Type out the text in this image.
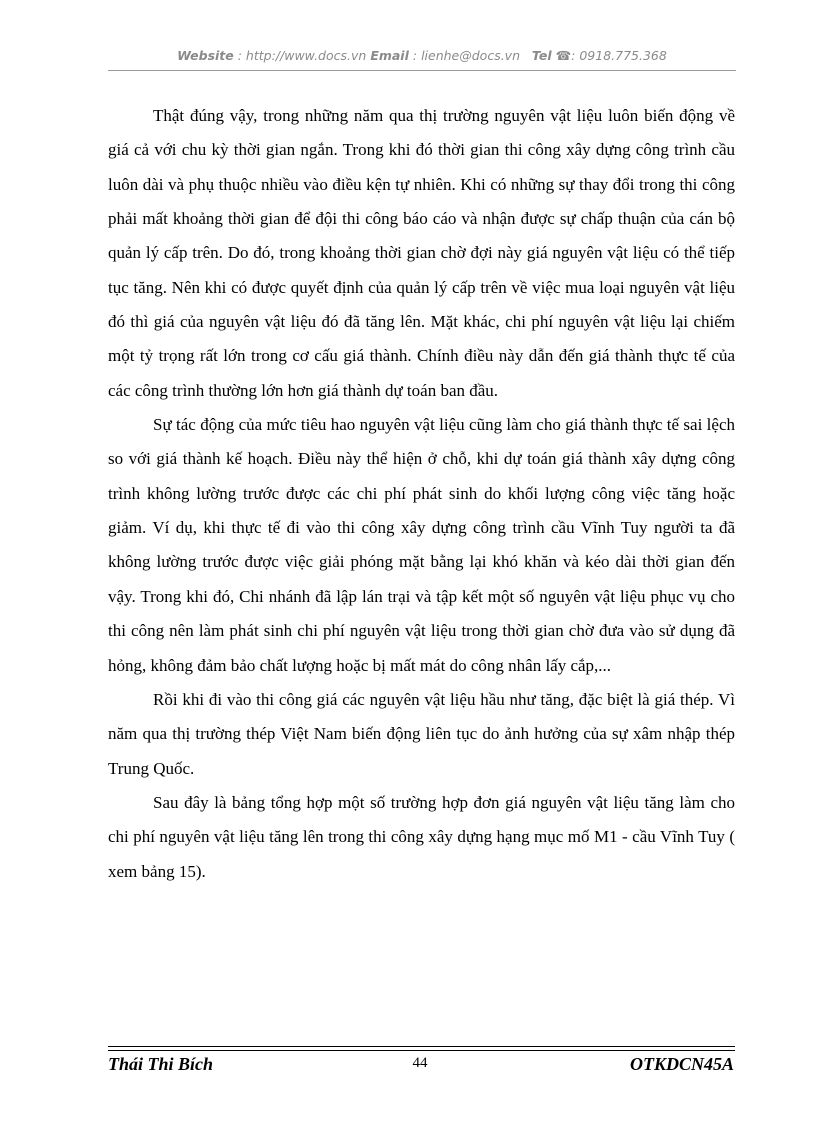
Website : http://www.docs.vn Email : lienhe@docs.vn Tel ☎: 0918.775.368

Thật đúng vậy, trong những năm qua thị trường nguyên vật liệu luôn biến động về giá cả với chu kỳ thời gian ngắn. Trong khi đó thời gian thi công xây dựng công trình cầu luôn dài và phụ thuộc nhiều vào điều kện tự nhiên. Khi có những sự thay đổi trong thi công phải mất khoảng thời gian để đội thi công báo cáo và nhận được sự chấp thuận của cán bộ quản lý cấp trên. Do đó, trong khoảng thời gian chờ đợi này giá nguyên vật liệu có thể tiếp tục tăng. Nên khi có được quyết định của quản lý cấp trên về việc mua loại nguyên vật liệu đó thì giá của nguyên vật liệu đó đã tăng lên. Mặt khác, chi phí nguyên vật liệu lại chiếm một tỷ trọng rất lớn trong cơ cấu giá thành. Chính điều này dẫn đến giá thành thực tế của các công trình thường lớn hơn giá thành dự toán ban đầu.

Sự tác động của mức tiêu hao nguyên vật liệu cũng làm cho giá thành thực tế sai lệch so với giá thành kế hoạch. Điều này thể hiện ở chỗ, khi dự toán giá thành xây dựng công trình không lường trước được các chi phí phát sinh do khối lượng công việc tăng hoặc giảm. Ví dụ, khi thực tế đi vào thi công xây dựng công trình cầu Vĩnh Tuy người ta đã không lường trước được việc giải phóng mặt bằng lại khó khăn và kéo dài thời gian đến vậy. Trong khi đó, Chi nhánh đã lập lán trại và tập kết một số nguyên vật liệu phục vụ cho thi công nên làm phát sinh chi phí nguyên vật liệu trong thời gian chờ đưa vào sử dụng đã hỏng, không đảm bảo chất lượng hoặc bị mất mát do công nhân lấy cắp,...

Rồi khi đi vào thi công giá các nguyên vật liệu hầu như tăng, đặc biệt là giá thép. Vì năm qua thị trường thép Việt Nam biến động liên tục do ảnh hưởng của sự xâm nhập thép Trung Quốc.

Sau đây là bảng tổng hợp một số trường hợp đơn giá nguyên vật liệu tăng làm cho chi phí nguyên vật liệu tăng lên trong thi công xây dựng hạng mục mố M1 - cầu Vĩnh Tuy ( xem bảng 15).

Thái Thi Bích	44	OTKDCN45A
